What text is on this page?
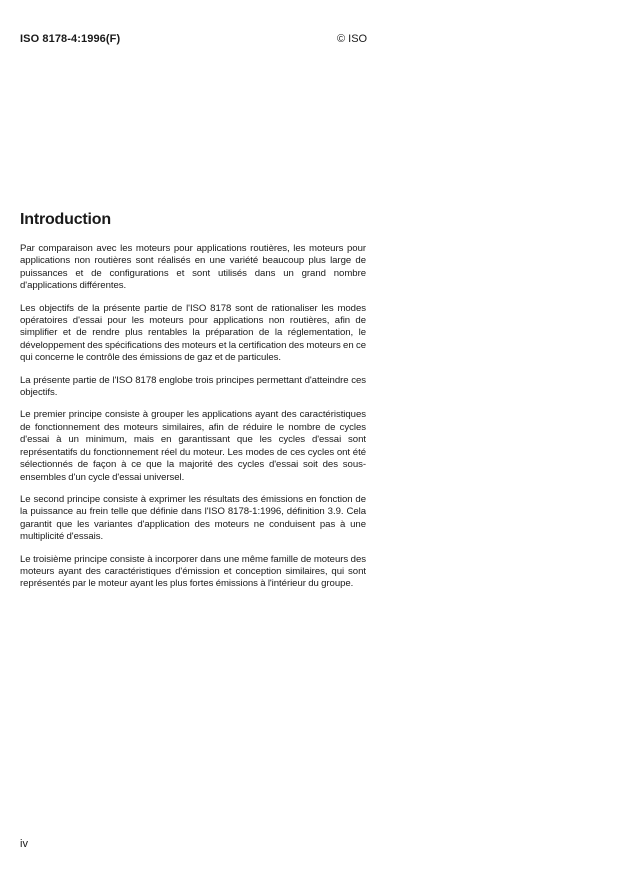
ISO 8178-4:1996(F)	© ISO
Introduction

Par comparaison avec les moteurs pour applications routières, les moteurs pour applications non routières sont réalisés en une variété beaucoup plus large de puissances et de configurations et sont utilisés dans un grand nombre d'applications différentes.

Les objectifs de la présente partie de l'ISO 8178 sont de rationaliser les modes opératoires d'essai pour les moteurs pour applications non routières, afin de simplifier et de rendre plus rentables la préparation de la réglementation, le développement des spécifications des moteurs et la certification des moteurs en ce qui concerne le contrôle des émissions de gaz et de particules.

La présente partie de l'ISO 8178 englobe trois principes permettant d'atteindre ces objectifs.

Le premier principe consiste à grouper les applications ayant des caractéristiques de fonctionnement des moteurs similaires, afin de réduire le nombre de cycles d'essai à un minimum, mais en garantissant que les cycles d'essai sont représentatifs du fonctionnement réel du moteur. Les modes de ces cycles ont été sélectionnés de façon à ce que la majorité des cycles d'essai soit des sous-ensembles d'un cycle d'essai universel.

Le second principe consiste à exprimer les résultats des émissions en fonction de la puissance au frein telle que définie dans l'ISO 8178-1:1996, définition 3.9. Cela garantit que les variantes d'application des moteurs ne conduisent pas à une multiplicité d'essais.

Le troisième principe consiste à incorporer dans une même famille de moteurs des moteurs ayant des caractéristiques d'émission et conception similaires, qui sont représentés par le moteur ayant les plus fortes émissions à l'intérieur du groupe.

iv
